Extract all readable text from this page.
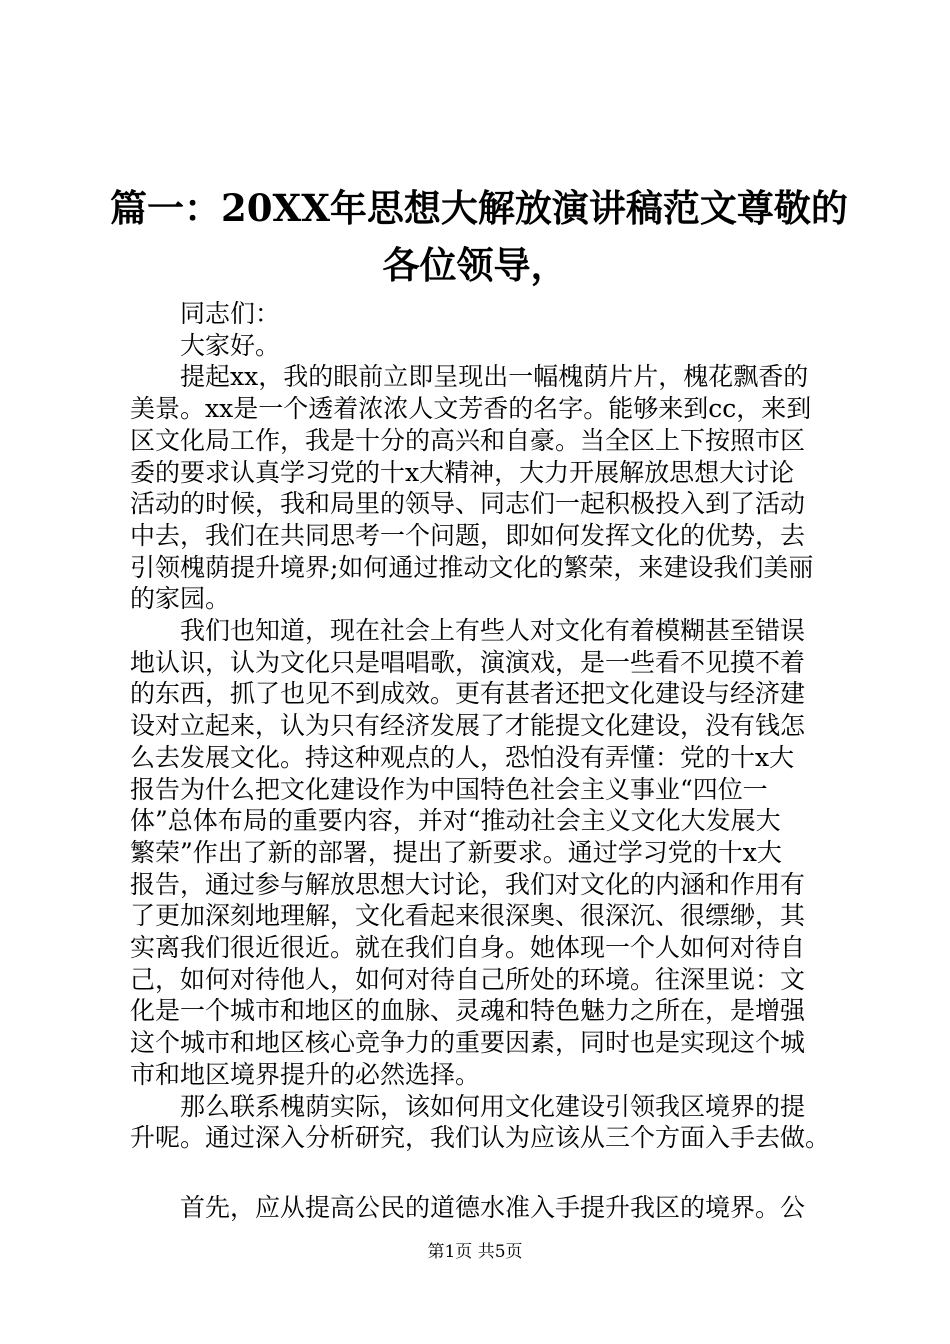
篇一：20XX年思想大解放演讲稿范文尊敬的
各位领导，
同志们：
大家好。
提起xx，我的眼前立即呈现出一幅槐荫片片，槐花飘香的
美景。xx是一个透着浓浓人文芳香的名字。能够来到cc，来到
区文化局工作，我是十分的高兴和自豪。当全区上下按照市区
委的要求认真学习党的十x大精神，大力开展解放思想大讨论
活动的时候，我和局里的领导、同志们一起积极投入到了活动
中去，我们在共同思考一个问题，即如何发挥文化的优势，去
引领槐荫提升境界;如何通过推动文化的繁荣，来建设我们美丽
的家园。
我们也知道，现在社会上有些人对文化有着模糊甚至错误
地认识，认为文化只是唱唱歌，演演戏，是一些看不见摸不着
的东西，抓了也见不到成效。更有甚者还把文化建设与经济建
设对立起来，认为只有经济发展了才能提文化建设，没有钱怎
么去发展文化。持这种观点的人，恐怕没有弄懂：党的十x大
报告为什么把文化建设作为中国特色社会主义事业“四位一
体”总体布局的重要内容，并对“推动社会主义文化大发展大
繁荣”作出了新的部署，提出了新要求。通过学习党的十x大
报告，通过参与解放思想大讨论，我们对文化的内涵和作用有
了更加深刻地理解，文化看起来很深奥、很深沉、很缥缈，其
实离我们很近很近。就在我们自身。她体现一个人如何对待自
己，如何对待他人，如何对待自己所处的环境。往深里说：文
化是一个城市和地区的血脉、灵魂和特色魅力之所在，是增强
这个城市和地区核心竞争力的重要因素，同时也是实现这个城
市和地区境界提升的必然选择。
那么联系槐荫实际，该如何用文化建设引领我区境界的提
升呢。通过深入分析研究，我们认为应该从三个方面入手去做。
首先，应从提高公民的道德水准入手提升我区的境界。公
第1页 共5页
